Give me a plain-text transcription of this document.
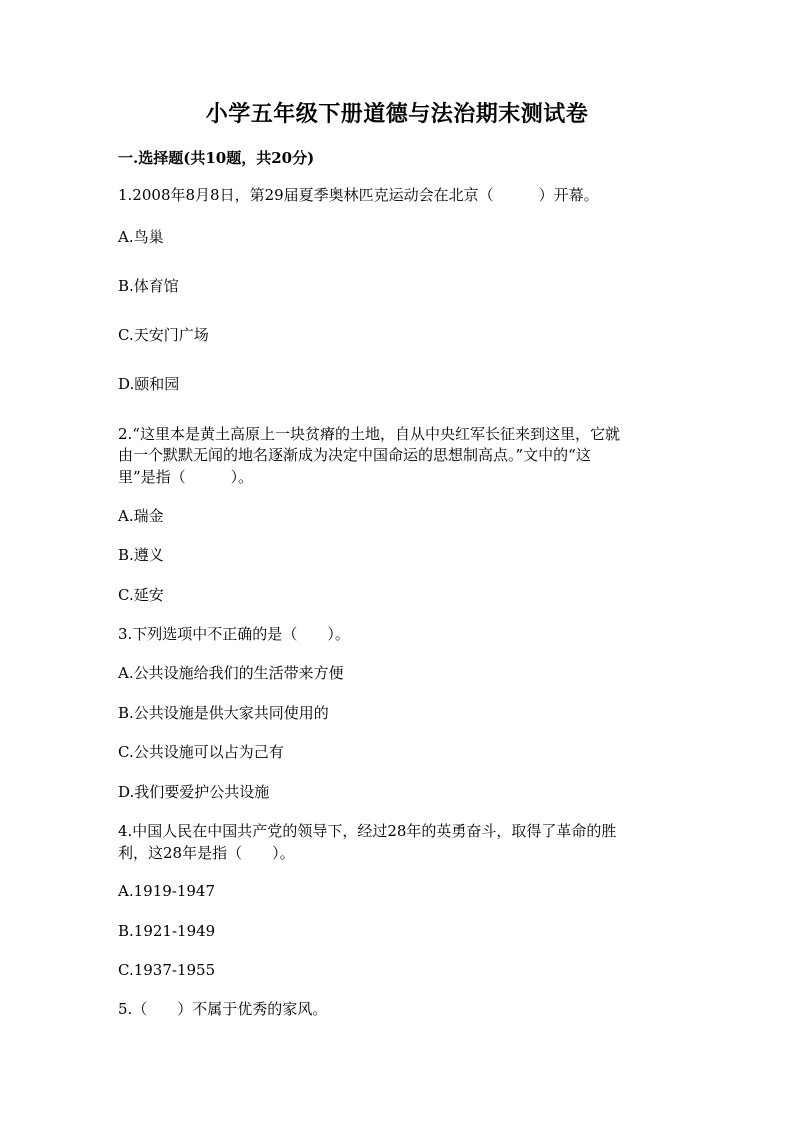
小学五年级下册道德与法治期末测试卷
一.选择题(共10题，共20分)
1.2008年8月8日，第29届夏季奥林匹克运动会在北京（　　　）开幕。
A.鸟巢
B.体育馆
C.天安门广场
D.颐和园
2.“这里本是黄土高原上一块贫瘠的土地，自从中央红军长征来到这里，它就
由一个默默无闻的地名逐渐成为决定中国命运的思想制高点。”文中的“这
里”是指（　　　）。
A.瑞金
B.遵义
C.延安
3.下列选项中不正确的是（　　）。
A.公共设施给我们的生活带来方便
B.公共设施是供大家共同使用的
C.公共设施可以占为己有
D.我们要爱护公共设施
4.中国人民在中国共产党的领导下，经过28年的英勇奋斗，取得了革命的胜
利，这28年是指（　　）。
A.1919-1947
B.1921-1949
C.1937-1955
5.（　　）不属于优秀的家风。
